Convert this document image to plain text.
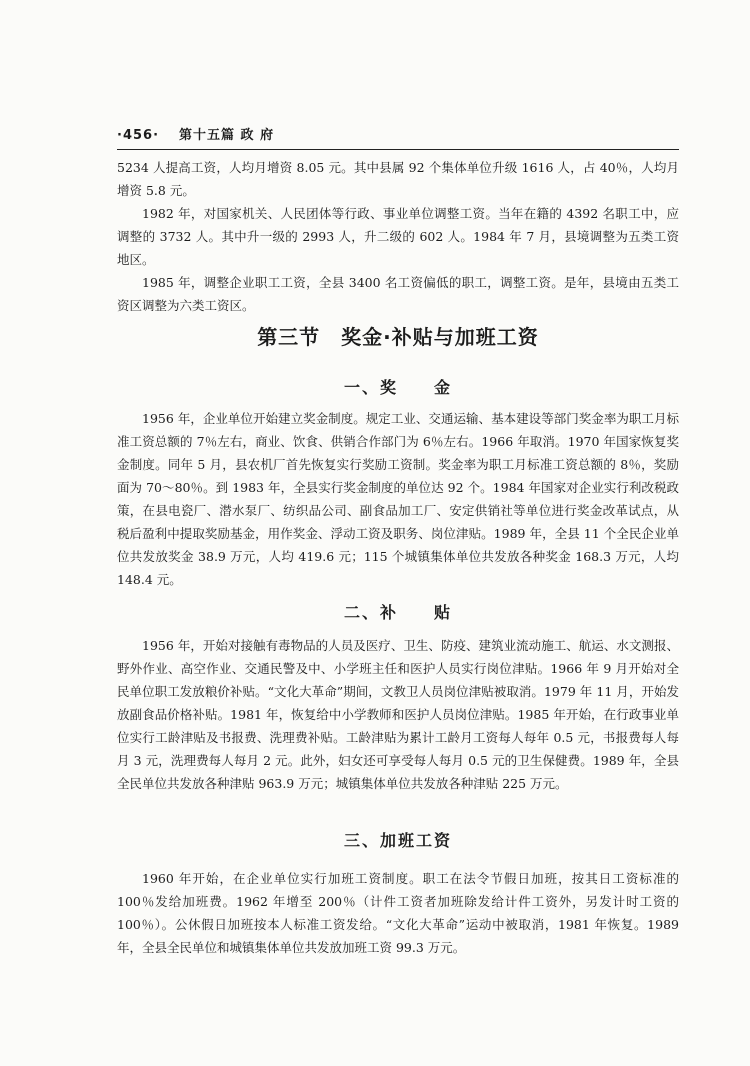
·456· 第十五篇 政 府

5234 人提高工资，人均月增资 8.05 元。其中县属 92 个集体单位升级 1616 人，占 40％，人均月增资 5.8 元。

1982 年，对国家机关、人民团体等行政、事业单位调整工资。当年在籍的 4392 名职工中，应调整的 3732 人。其中升一级的 2993 人，升二级的 602 人。1984 年 7 月，县境调整为五类工资地区。

1985 年，调整企业职工工资，全县 3400 名工资偏低的职工，调整工资。是年，县境由五类工资区调整为六类工资区。

第三节　奖金·补贴与加班工资
一、奖　　金

1956 年，企业单位开始建立奖金制度。规定工业、交通运输、基本建设等部门奖金率为职工月标准工资总额的 7％左右，商业、饮食、供销合作部门为 6％左右。1966 年取消。1970 年国家恢复奖金制度。同年 5 月，县农机厂首先恢复实行奖励工资制。奖金率为职工月标准工资总额的 8％，奖励面为 70～80％。到 1983 年，全县实行奖金制度的单位达 92 个。1984 年国家对企业实行利改税政策，在县电瓷厂、潜水泵厂、纺织品公司、副食品加工厂、安定供销社等单位进行奖金改革试点，从税后盈利中提取奖励基金，用作奖金、浮动工资及职务、岗位津贴。1989 年，全县 11 个全民企业单位共发放奖金 38.9 万元，人均 419.6 元；115 个城镇集体单位共发放各种奖金 168.3 万元，人均 148.4 元。

二、补　　贴

1956 年，开始对接触有毒物品的人员及医疗、卫生、防疫、建筑业流动施工、航运、水文测报、野外作业、高空作业、交通民警及中、小学班主任和医护人员实行岗位津贴。1966 年 9 月开始对全民单位职工发放粮价补贴。“文化大革命”期间，文教卫人员岗位津贴被取消。1979 年 11 月，开始发放副食品价格补贴。1981 年，恢复给中小学教师和医护人员岗位津贴。1985 年开始，在行政事业单位实行工龄津贴及书报费、洗理费补贴。工龄津贴为累计工龄月工资每人每年 0.5 元，书报费每人每月 3 元，洗理费每人每月 2 元。此外，妇女还可享受每人每月 0.5 元的卫生保健费。1989 年，全县全民单位共发放各种津贴 963.9 万元；城镇集体单位共发放各种津贴 225 万元。

三、加班工资

1960 年开始，在企业单位实行加班工资制度。职工在法令节假日加班，按其日工资标准的 100％发给加班费。1962 年增至 200％（计件工资者加班除发给计件工资外，另发计时工资的 100％）。公休假日加班按本人标准工资发给。“文化大革命”运动中被取消，1981 年恢复。1989 年，全县全民单位和城镇集体单位共发放加班工资 99.3 万元。
